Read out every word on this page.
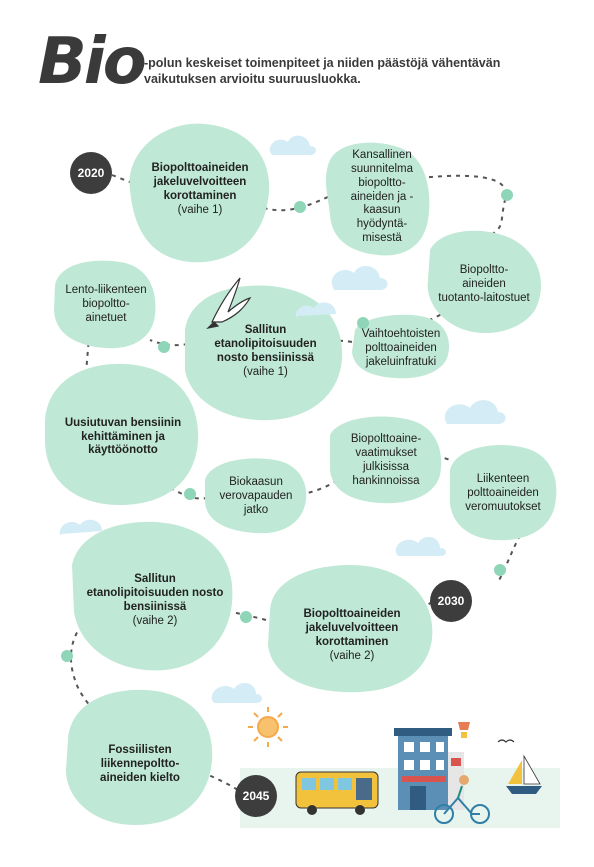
Bio -polun keskeiset toimenpiteet ja niiden päästöjä vähentävän vaikutuksen arvioitu suuruusluokka.
2020
2030
2045
Biopolttoaineiden jakeluvelvoitteen korottaminen
(vaihe 1)
Kansallinen suunnitelma biopoltto-aineiden ja -kaasun hyödyntä-misestä
Biopoltto-aineiden tuotanto-laitostuet
Vaihtoehtoisten polttoaineiden jakeluinfratuki
Sallitun etanolipitoisuuden nosto bensiinissä
(vaihe 1)
Lento-liikenteen biopoltto-ainetuet
Uusiutuvan bensiinin kehittäminen ja käyttöönotto
Biokaasun verovapauden jatko
Biopolttoaine-vaatimukset julkisissa hankinnoissa	Liikenteen polttoaineiden veromuutokset
Biopolttoaineiden jakeluvelvoitteen korottaminen
(vaihe 2)
Sallitun etanolipitoisuuden nosto bensiinissä
(vaihe 2)
Fossiilisten liikennepoltto-aineiden kielto
